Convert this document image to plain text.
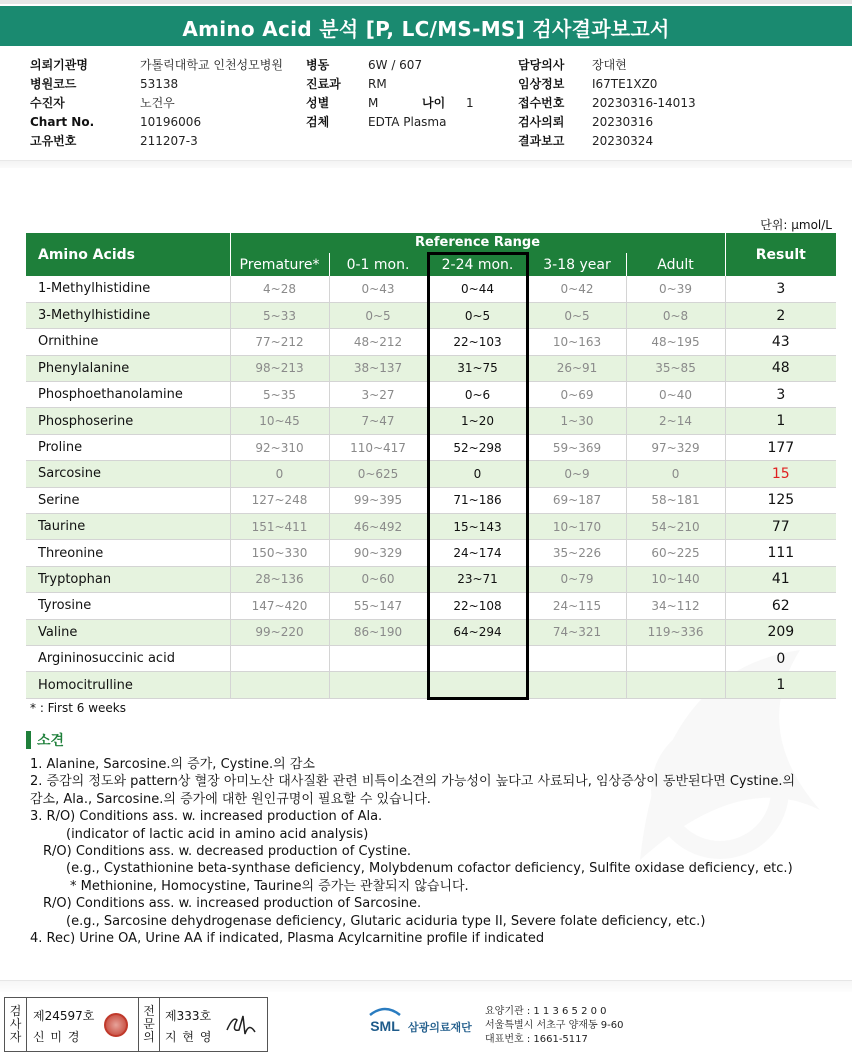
Amino Acid 분석 [P, LC/MS-MS] 검사결과보고서
의뢰기관명	가톨릭대학교 인천성모병원
병원코드	53138
수진자	노건우
Chart No.	10196006
고유번호	211207-3
병동	6W / 607
진료과	RM
성별	M
검체	EDTA Plasma
나이	1
담당의사	장대현
임상정보	I67TE1XZ0
접수번호	20230316-14013
검사의뢰	20230316
결과보고	20230324
단위: μmol/L
Amino Acids	Reference Range					Result
	Premature*	0-1 mon.	2-24 mon.	3-18 year	Adult	
1-Methylhistidine	4~28	0~43	0~44	0~42	0~39	3
3-Methylhistidine	5~33	0~5	0~5	0~5	0~8	2
Ornithine	77~212	48~212	22~103	10~163	48~195	43
Phenylalanine	98~213	38~137	31~75	26~91	35~85	48
Phosphoethanolamine	5~35	3~27	0~6	0~69	0~40	3
Phosphoserine	10~45	7~47	1~20	1~30	2~14	1
Proline	92~310	110~417	52~298	59~369	97~329	177
Sarcosine	0	0~625	0	0~9	0	15
Serine	127~248	99~395	71~186	69~187	58~181	125
Taurine	151~411	46~492	15~143	10~170	54~210	77
Threonine	150~330	90~329	24~174	35~226	60~225	111
Tryptophan	28~136	0~60	23~71	0~79	10~140	41
Tyrosine	147~420	55~147	22~108	24~115	34~112	62
Valine	99~220	86~190	64~294	74~321	119~336	209
Argininosuccinic acid						0
Homocitrulline						1
* : First 6 weeks
소견
1. Alanine, Sarcosine.의 증가, Cystine.의 감소
2. 증감의 정도와 pattern상 혈장 아미노산 대사질환 관련 비특이소견의 가능성이 높다고 사료되나, 임상증상이 동반된다면 Cystine.의
감소, Ala., Sarcosine.의 증가에 대한 원인규명이 필요할 수 있습니다.
3. R/O) Conditions ass. w. increased production of Ala.
(indicator of lactic acid in amino acid analysis)
R/O) Conditions ass. w. decreased production of Cystine.
(e.g., Cystathionine beta-synthase deficiency, Molybdenum cofactor deficiency, Sulfite oxidase deficiency, etc.)
* Methionine, Homocystine, Taurine의 증가는 관찰되지 않습니다.
R/O) Conditions ass. w. increased production of Sarcosine.
(e.g., Sarcosine dehydrogenase deficiency, Glutaric aciduria type II, Severe folate deficiency, etc.)
4. Rec) Urine OA, Urine AA if indicated, Plasma Acylcarnitine profile if indicated
검
사
자
제24597호
신 미 경
전
문
의
제333호
지 현 영
SML 삼광의료재단
요양기관 : 1 1 3 6 5 2 0 0
서울특별시 서초구 양재동 9-60
대표번호 : 1661-5117
